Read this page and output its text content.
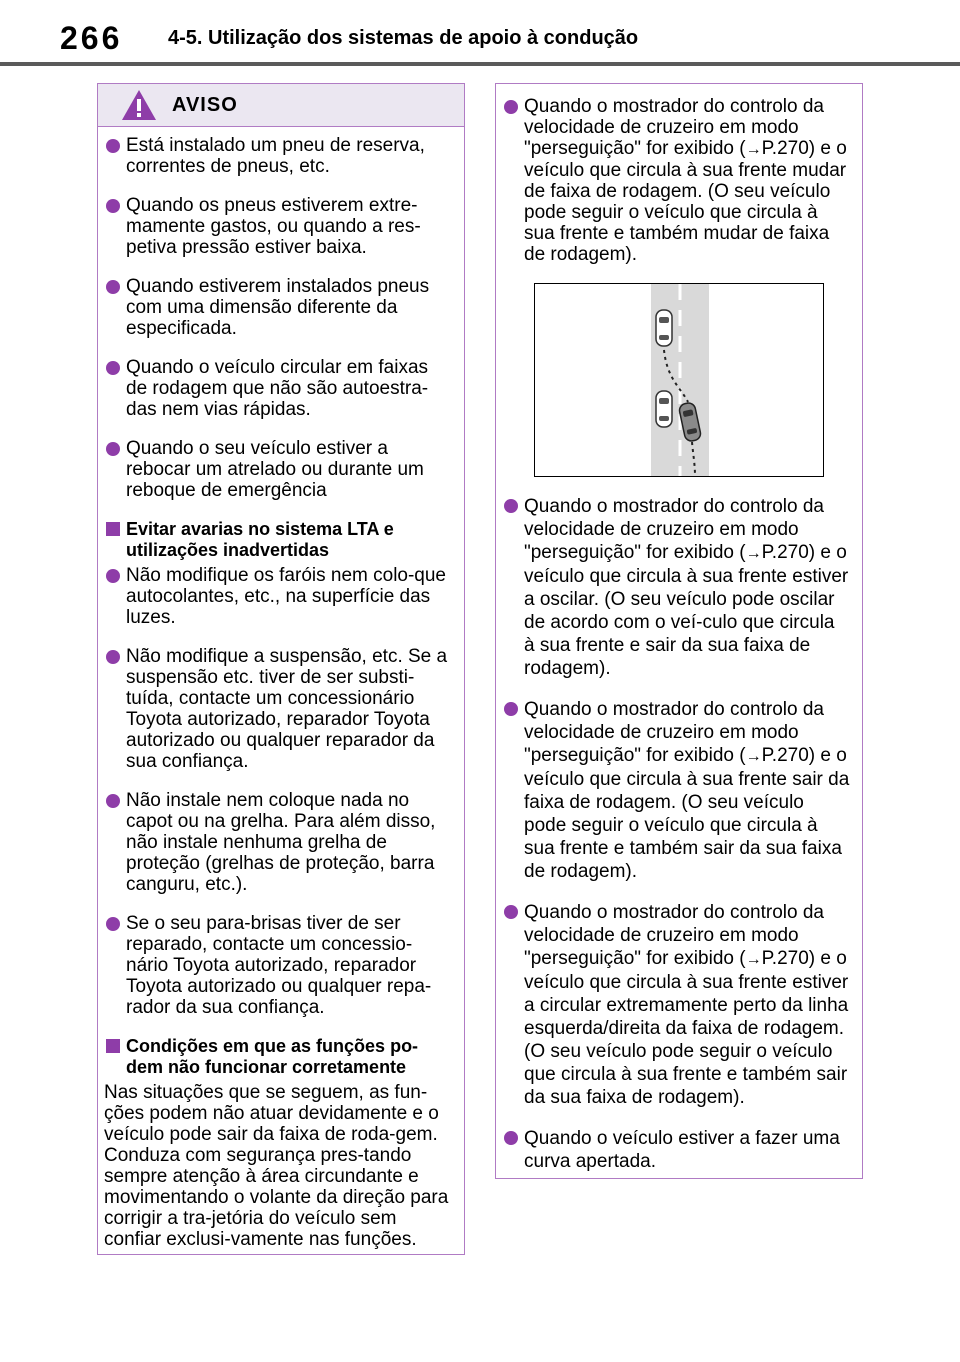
266 4-5. Utilização dos sistemas de apoio à condução
AVISO
Está instalado um pneu de reserva, correntes de pneus, etc.
Quando os pneus estiverem extre-mamente gastos, ou quando a res-petiva pressão estiver baixa.
Quando estiverem instalados pneus com uma dimensão diferente da especificada.
Quando o veículo circular em faixas de rodagem que não são autoestra-das nem vias rápidas.
Quando o seu veículo estiver a rebocar um atrelado ou durante um reboque de emergência
Evitar avarias no sistema LTA e utilizações inadvertidas
Não modifique os faróis nem colo-que autocolantes, etc., na superfície das luzes.
Não modifique a suspensão, etc. Se a suspensão etc. tiver de ser substi-tuída, contacte um concessionário Toyota autorizado, reparador Toyota autorizado ou qualquer reparador da sua confiança.
Não instale nem coloque nada no capot ou na grelha. Para além disso, não instale nenhuma grelha de proteção (grelhas de proteção, barra canguru, etc.).
Se o seu para-brisas tiver de ser reparado, contacte um concessio-nário Toyota autorizado, reparador Toyota autorizado ou qualquer repa-rador da sua confiança.
Condições em que as funções po-dem não funcionar corretamente
Nas situações que se seguem, as fun-ções podem não atuar devidamente e o veículo pode sair da faixa de roda-gem. Conduza com segurança pres-tando sempre atenção à área circundante e movimentando o volante da direção para corrigir a tra-jetória do veículo sem confiar exclusi-vamente nas funções.
Quando o mostrador do controlo da velocidade de cruzeiro em modo "perseguição" for exibido (→P.270) e o veículo que circula à sua frente mudar de faixa de rodagem. (O seu veículo pode seguir o veículo que circula à sua frente e também mudar de faixa de rodagem).
Quando o mostrador do controlo da velocidade de cruzeiro em modo "perseguição" for exibido (→P.270) e o veículo que circula à sua frente estiver a oscilar. (O seu veículo pode oscilar de acordo com o veí-culo que circula à sua frente e sair da sua faixa de rodagem).
Quando o mostrador do controlo da velocidade de cruzeiro em modo "perseguição" for exibido (→P.270) e o veículo que circula à sua frente sair da faixa de rodagem. (O seu veículo pode seguir o veículo que circula à sua frente e também sair da sua faixa de rodagem).
Quando o mostrador do controlo da velocidade de cruzeiro em modo "perseguição" for exibido (→P.270) e o veículo que circula à sua frente estiver a circular extremamente perto da linha esquerda/direita da faixa de rodagem. (O seu veículo pode seguir o veículo que circula à sua frente e também sair da sua faixa de rodagem).
Quando o veículo estiver a fazer uma curva apertada.
